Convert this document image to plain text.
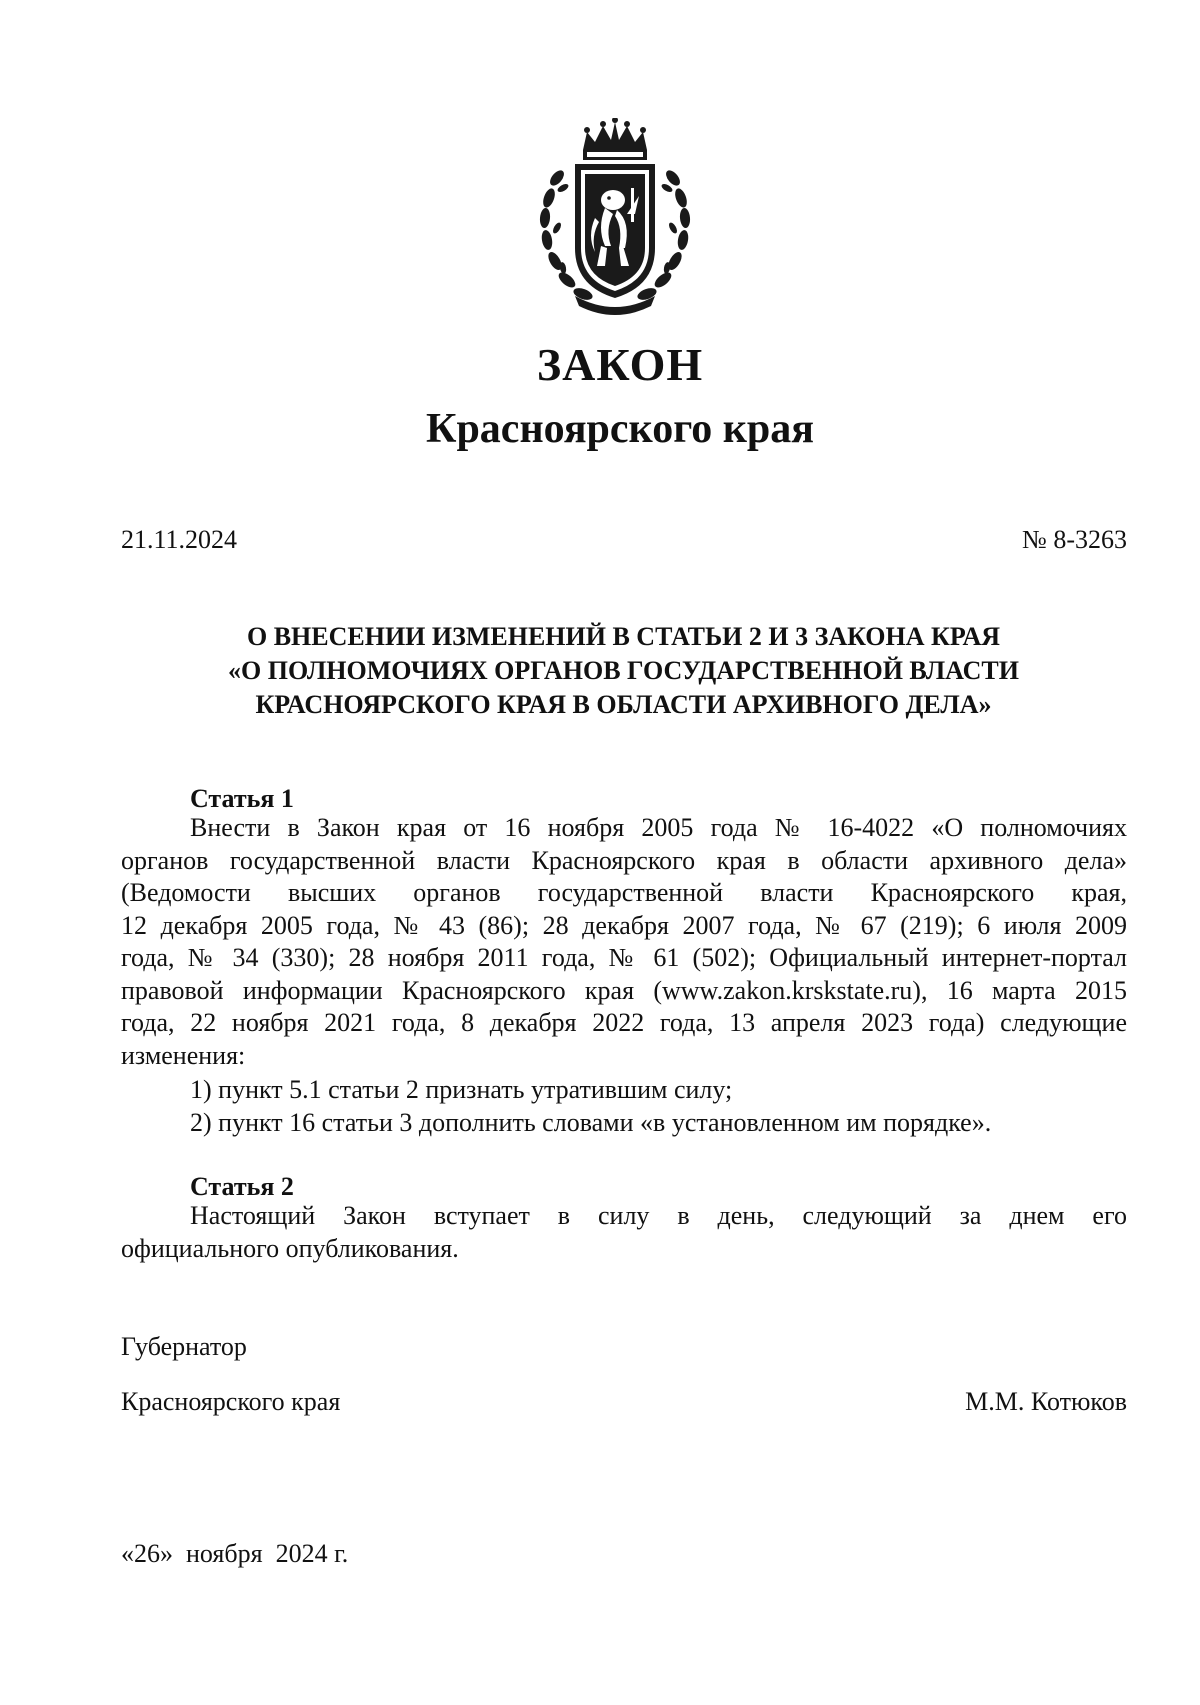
ЗАКОН
Красноярского края
21.11.2024	№ 8-3263
О ВНЕСЕНИИ ИЗМЕНЕНИЙ В СТАТЬИ 2 И 3 ЗАКОНА КРАЯ
«О ПОЛНОМОЧИЯХ ОРГАНОВ ГОСУДАРСТВЕННОЙ ВЛАСТИ
КРАСНОЯРСКОГО КРАЯ В ОБЛАСТИ АРХИВНОГО ДЕЛА»
Статья 1
Внести в Закон края от 16 ноября 2005 года № 16-4022 «О полномочиях
органов государственной власти Красноярского края в области архивного дела»
(Ведомости высших органов государственной власти Красноярского края,
12 декабря 2005 года, № 43 (86); 28 декабря 2007 года, № 67 (219); 6 июля 2009
года, № 34 (330); 28 ноября 2011 года, № 61 (502); Официальный интернет-портал
правовой информации Красноярского края (www.zakon.krskstate.ru), 16 марта 2015
года, 22 ноября 2021 года, 8 декабря 2022 года, 13 апреля 2023 года) следующие
изменения:
1) пункт 5.1 статьи 2 признать утратившим силу;
2) пункт 16 статьи 3 дополнить словами «в установленном им порядке».
Статья 2
Настоящий Закон вступает в силу в день, следующий за днем его
официального опубликования.
Губернатор
Красноярского края	М.М. Котюков
«26»  ноября  2024 г.
